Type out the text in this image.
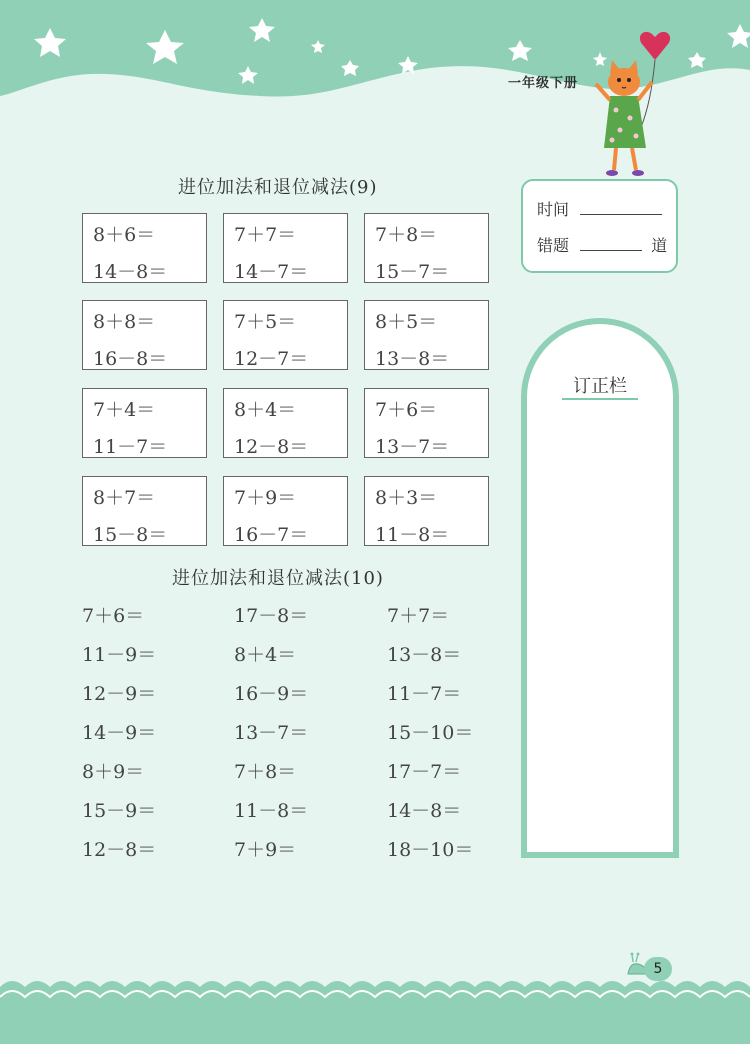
一年级下册
进位加法和退位减法(9)
8＋6＝
14－8＝
7＋7＝
14－7＝
7＋8＝
15－7＝
8＋8＝
16－8＝
7＋5＝
12－7＝
8＋5＝
13－8＝
7＋4＝
11－7＝
8＋4＝
12－8＝
7＋6＝
13－7＝
8＋7＝
15－8＝
7＋9＝
16－7＝
8＋3＝
11－8＝
进位加法和退位减法(10)
7＋6＝	17－8＝	7＋7＝
11－9＝	8＋4＝	13－8＝
12－9＝	16－9＝	11－7＝
14－9＝	13－7＝	15－10＝
8＋9＝	7＋8＝	17－7＝
15－9＝	11－8＝	14－8＝
12－8＝	7＋9＝	18－10＝
时间
错题	道
订正栏
5
